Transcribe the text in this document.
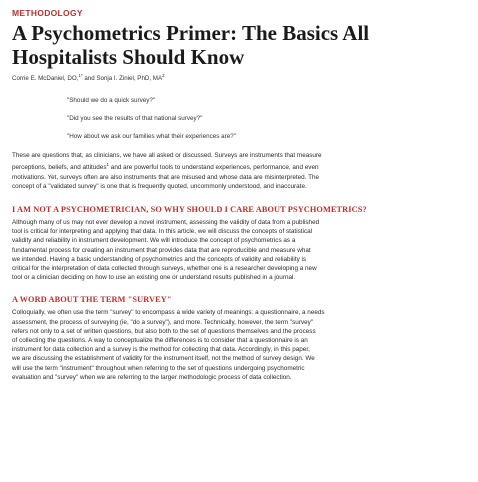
METHODOLOGY
A Psychometrics Primer: The Basics All Hospitalists Should Know
Corrie E. McDaniel, DO,$^{1*}$ and Sonja I. Ziniel, PhD, $MA^2$
"Should we do a quick survey?"
"Did you see the results of that national survey?"
"How about we ask our families what their experiences are?"

These are questions that, as clinicians, we have all asked or discussed. Surveys are instruments that measure
perceptions, beliefs, and attitudes$^1$ and are powerful tools to understand experiences, performance, and even
motivations. Yet, surveys often are also instruments that are misused and whose data are misinterpreted. The
concept of a "validated survey" is one that is frequently quoted, uncommonly understood, and inaccurate.

I AM NOT A PSYCHOMETRICIAN, SO WHY SHOULD I CARE ABOUT PSYCHOMETRICS?

Although many of us may not ever develop a novel instrument, assessing the validity of data from a published
tool is critical for interpreting and applying that data. In this article, we will discuss the concepts of statistical
validity and reliability in instrument development. We will introduce the concept of psychometrics as a
fundamental process for creating an instrument that provides data that are reproducible and measure what
we intended. Having a basic understanding of psychometrics and the concepts of validity and reliability is
critical for the interpretation of data collected through surveys, whether one is a researcher developing a new
tool or a clinician deciding on how to use an existing one or understand results published in a journal.

A WORD ABOUT THE TERM "SURVEY"

Colloquially, we often use the term "survey" to encompass a wide variety of meanings: a questionnaire, a needs
assessment, the process of surveying (ie, "do a survey"), and more. Technically, however, the term "survey"
refers not only to a set of written questions, but also both to the set of questions themselves and the process
of collecting the questions. A way to conceptualize the differences is to consider that a questionnaire is an
instrument for data collection and a survey is the method for collecting that data. Accordingly, in this paper,
we are discussing the establishment of validity for the instrument itself, not the method of survey design. We
will use the term "instrument" throughout when referring to the set of questions undergoing psychometric
evaluation and "survey" when we are referring to the larger methodologic process of data collection.
